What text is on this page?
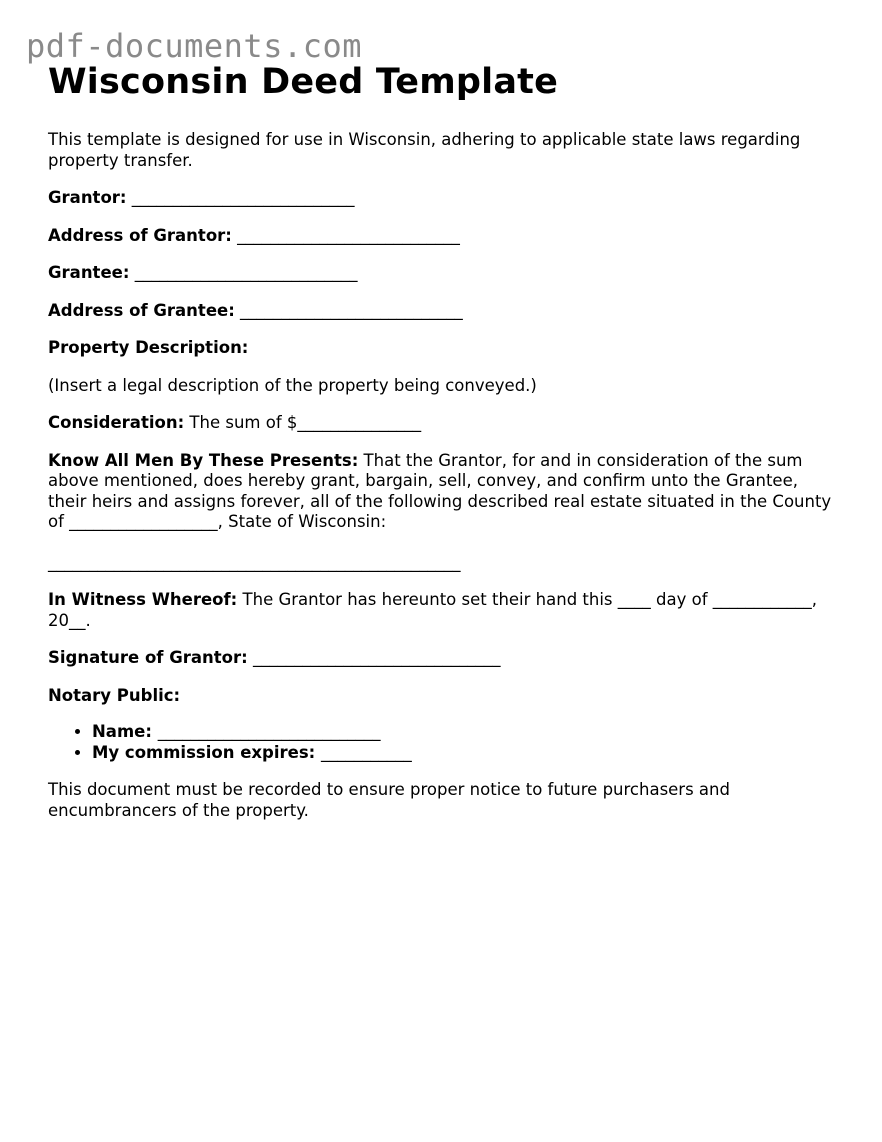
pdf-documents.com
Wisconsin Deed Template

This template is designed for use in Wisconsin, adhering to applicable state laws regarding property transfer.

Grantor: ___________________________

Address of Grantor: ___________________________

Grantee: ___________________________

Address of Grantee: ___________________________

Property Description:

(Insert a legal description of the property being conveyed.)

Consideration: The sum of $_______________

Know All Men By These Presents: That the Grantor, for and in consideration of the sum above mentioned, does hereby grant, bargain, sell, convey, and confirm unto the Grantee, their heirs and assigns forever, all of the following described real estate situated in the County of __________________, State of Wisconsin:

__________________________________________________

In Witness Whereof: The Grantor has hereunto set their hand this ____ day of ____________, 20__.

Signature of Grantor: ______________________________

Notary Public:

• Name: ___________________________
• My commission expires: ___________

This document must be recorded to ensure proper notice to future purchasers and encumbrancers of the property.
